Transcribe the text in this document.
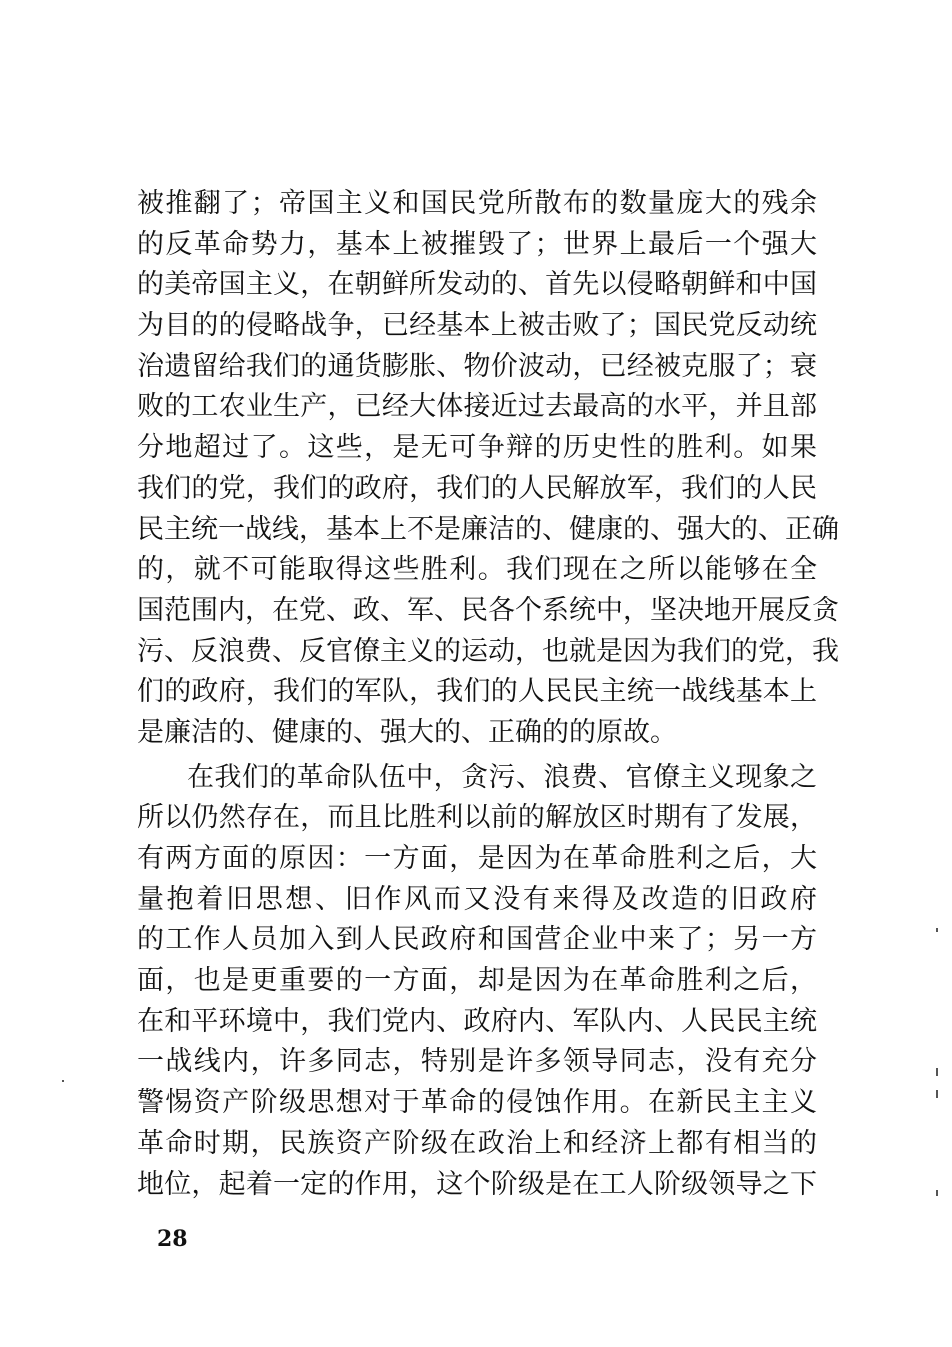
被推翻了；帝国主义和国民党所散布的数量庞大的残余
的反革命势力，基本上被摧毁了；世界上最后一个强大
的美帝国主义，在朝鲜所发动的、首先以侵略朝鲜和中国
为目的的侵略战争，已经基本上被击败了；国民党反动统
治遗留给我们的通货膨胀、物价波动，已经被克服了；衰
败的工农业生产，已经大体接近过去最高的水平，并且部
分地超过了。这些，是无可争辩的历史性的胜利。如果
我们的党，我们的政府，我们的人民解放军，我们的人民
民主统一战线，基本上不是廉洁的、健康的、强大的、正确
的，就不可能取得这些胜利。我们现在之所以能够在全
国范围内，在党、政、军、民各个系统中，坚决地开展反贪
污、反浪费、反官僚主义的运动，也就是因为我们的党，我
们的政府，我们的军队，我们的人民民主统一战线基本上
是廉洁的、健康的、强大的、正确的的原故。
在我们的革命队伍中，贪污、浪费、官僚主义现象之
所以仍然存在，而且比胜利以前的解放区时期有了发展，
有两方面的原因：一方面，是因为在革命胜利之后，大
量抱着旧思想、旧作风而又没有来得及改造的旧政府
的工作人员加入到人民政府和国营企业中来了；另一方
面，也是更重要的一方面，却是因为在革命胜利之后，
在和平环境中，我们党内、政府内、军队内、人民民主统
一战线内，许多同志，特别是许多领导同志，没有充分
警惕资产阶级思想对于革命的侵蚀作用。在新民主主义
革命时期，民族资产阶级在政治上和经济上都有相当的
地位，起着一定的作用，这个阶级是在工人阶级领导之下
28
